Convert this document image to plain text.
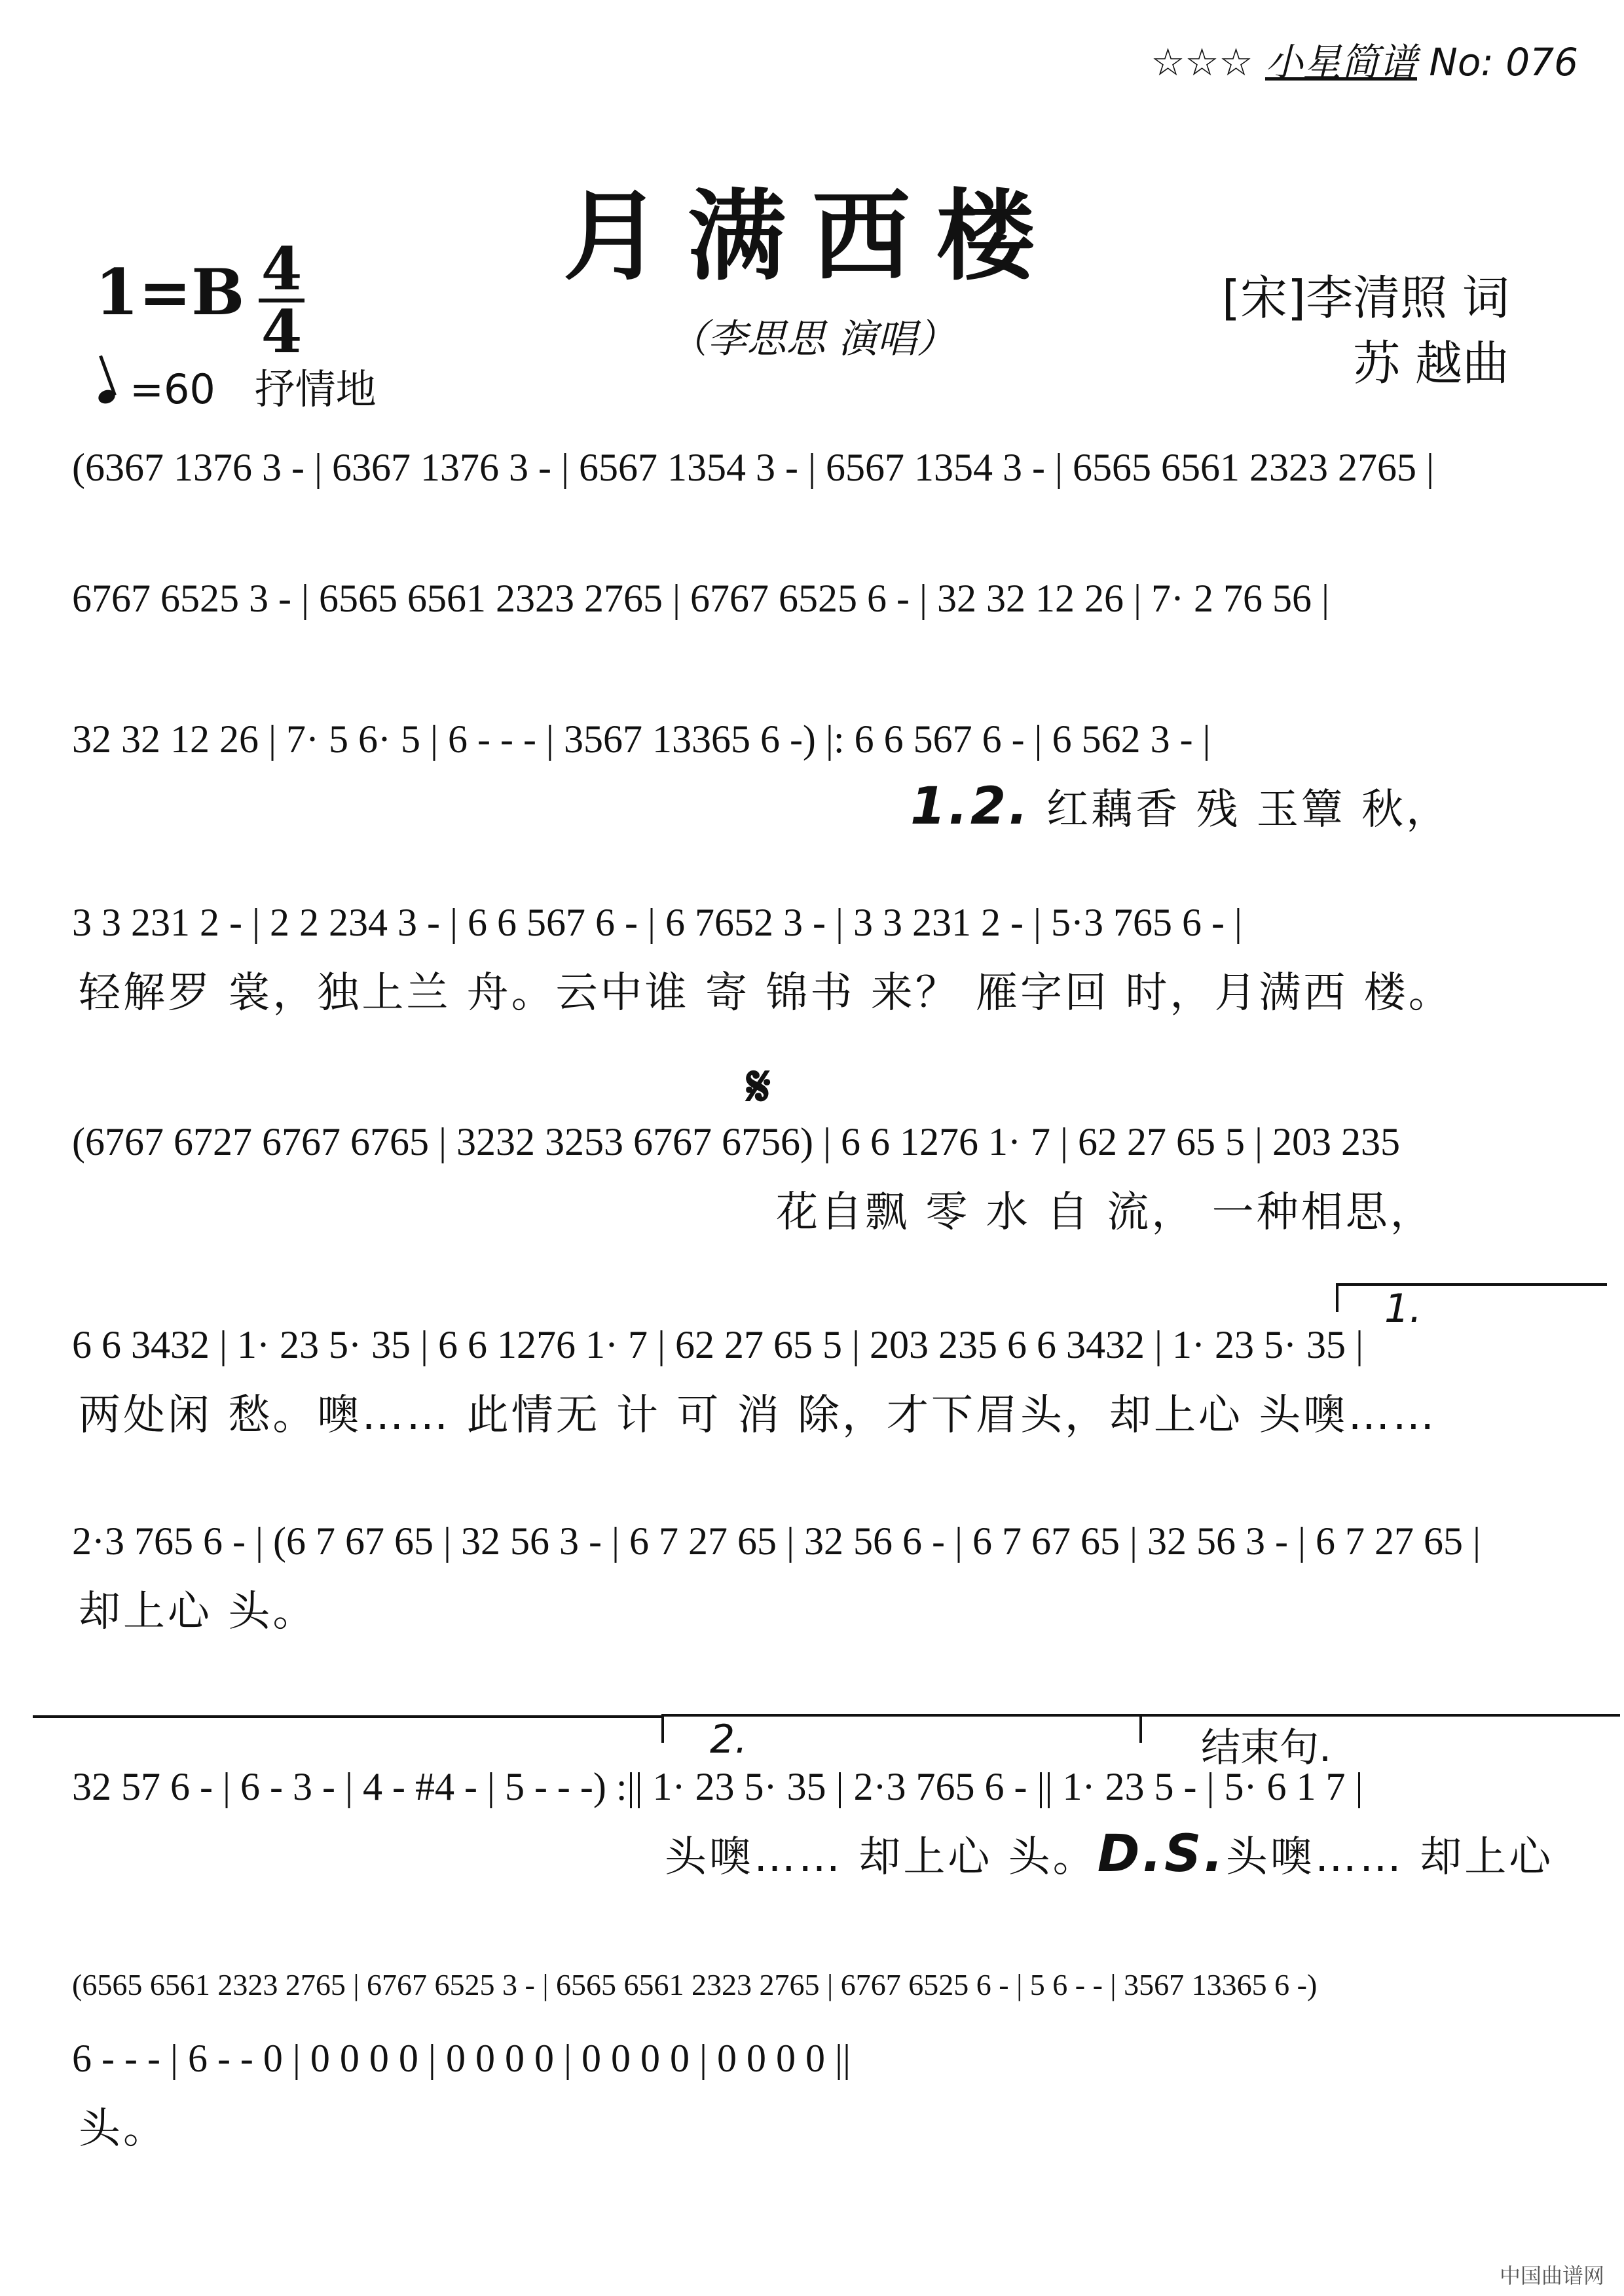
☆☆☆ 小星简谱 No: 076
月满西楼
（李思思 演唱）
1=B 4
4
=60 抒情地
[宋]李清照 词
苏 越曲
(6367 1376 3 - | 6367 1376 3 - | 6567 1354 3 - | 6567 1354 3 - | 6565 6561 2323 2765 |
6767 6525 3 - | 6565 6561 2323 2765 | 6767 6525 6 - | 32 32 12 26 | 7· 2 76 56 |
32 32 12 26 | 7· 5 6· 5 | 6 - - - | 3567 13365 6 -) |: 6 6 567 6 - | 6 562 3 - |
1.2. 红藕香 残 玉簟 秋，
3 3 231 2 - | 2 2 234 3 - | 6 6 567 6 - | 6 7652 3 - | 3 3 231 2 - | 5·3 765 6 - |
轻解罗 裳，独上兰 舟。云中谁 寄 锦书 来？ 雁字回 时，月满西 楼。
𝄋
(6767 6727 6767 6765 | 3232 3253 6767 6756) | 6 6 1276 1· 7 | 62 27 65 5 | 203 235
花自飘 零 水 自 流， 一种相思，
1.
6 6 3432 | 1· 23 5· 35 | 6 6 1276 1· 7 | 62 27 65 5 | 203 235 6 6 3432 | 1· 23 5· 35 |
两处闲 愁。噢…… 此情无 计 可 消 除，才下眉头，却上心 头噢……
2·3 765 6 - | (6 7 67 65 | 32 56 3 - | 6 7 27 65 | 32 56 6 - | 6 7 67 65 | 32 56 3 - | 6 7 27 65 |
却上心 头。
2.	结束句.
32 57 6 - | 6 - 3 - | 4 - #4 - | 5 - - -) :|| 1· 23 5· 35 | 2·3 765 6 - || 1· 23 5 - | 5· 6 1 7 |
头噢…… 却上心 头。D.S.头噢…… 却上心
(6565 6561 2323 2765 | 6767 6525 3 - | 6565 6561 2323 2765 | 6767 6525 6 - | 5 6 - - | 3567 13365 6 -)
6 - - - | 6 - - 0 | 0 0 0 0 | 0 0 0 0 | 0 0 0 0 | 0 0 0 0 ||
头。
中国曲谱网
